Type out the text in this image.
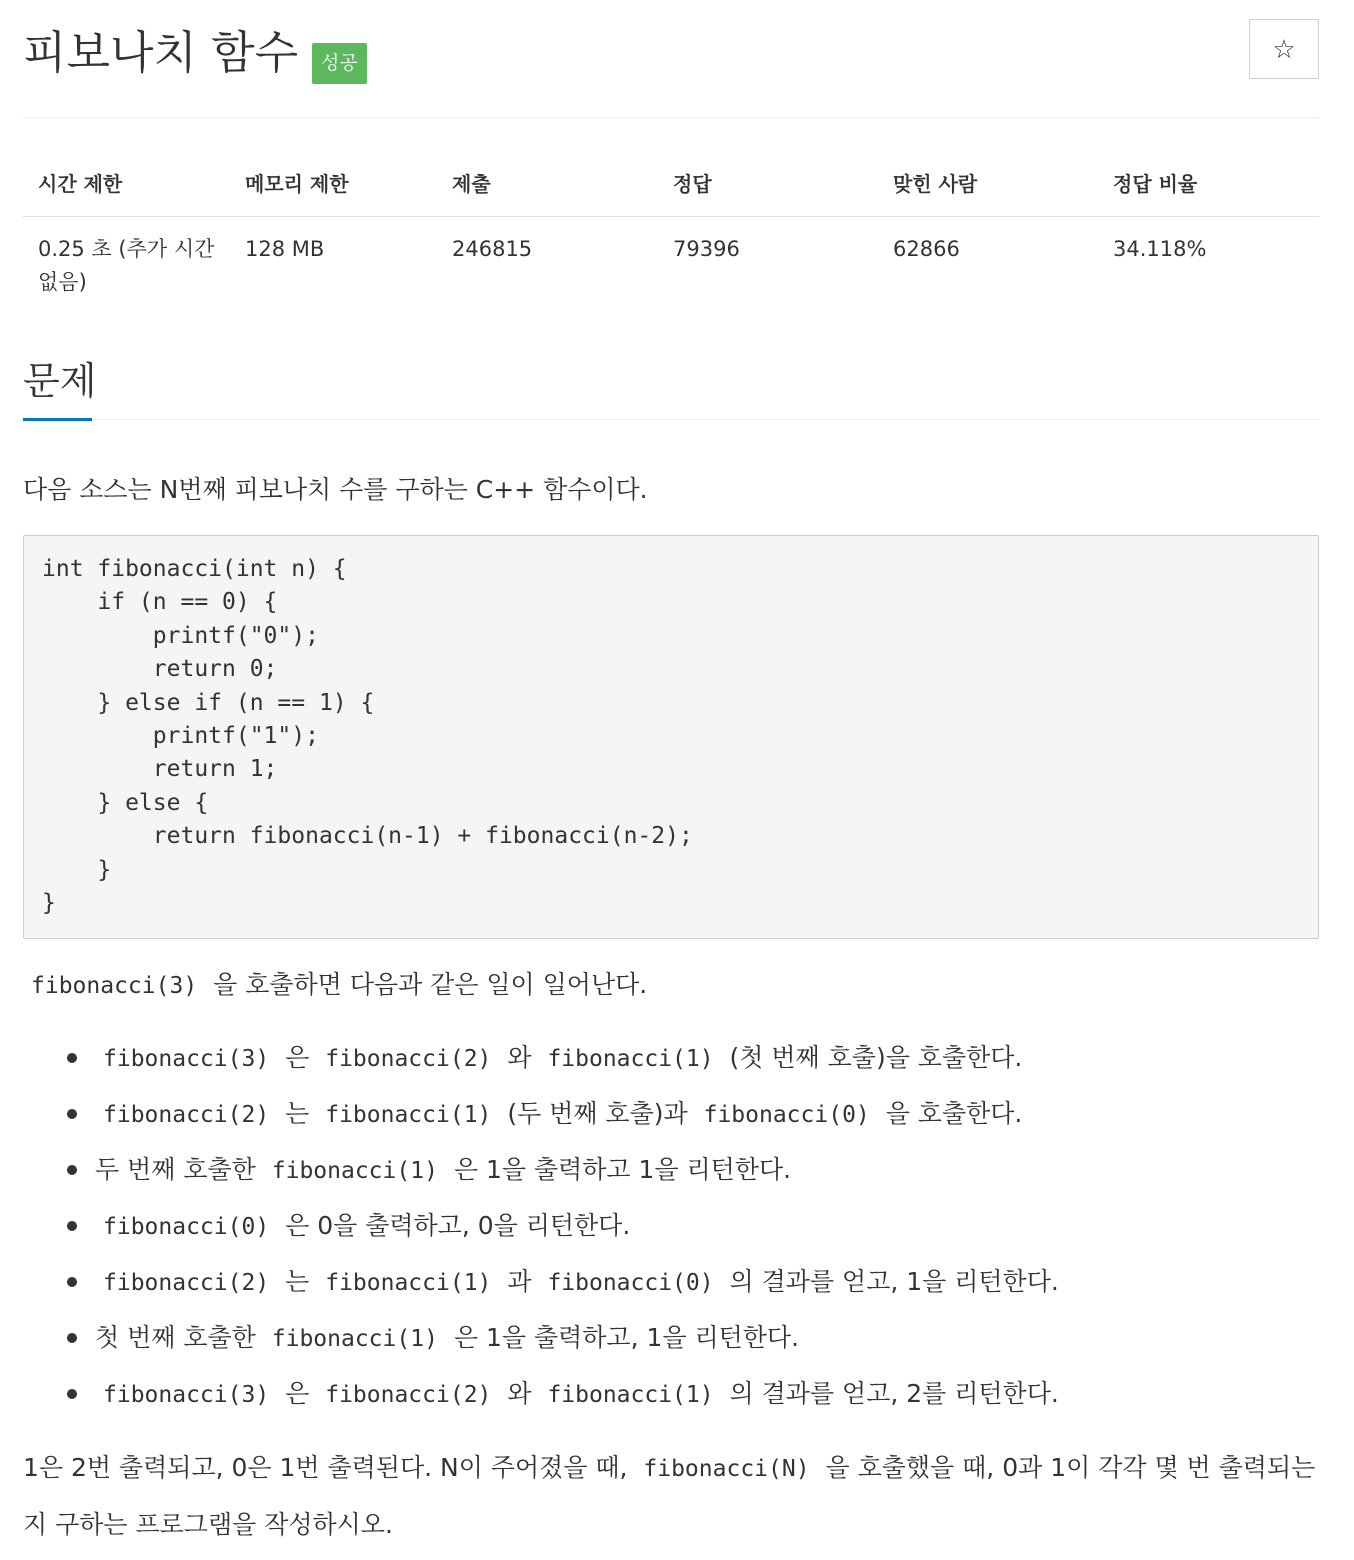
피보나치 함수	성공	☆
시간 제한	메모리 제한	제출	정답	맞힌 사람	정답 비율
0.25 초 (추가 시간 없음)	128 MB	246815	79396	62866	34.118%
문제

다음 소스는 N번째 피보나치 수를 구하는 C++ 함수이다.

int fibonacci(int n) {
if (n == 0) {
printf("0");
return 0;
} else if (n == 1) {
printf("1");
return 1;
} else {
return fibonacci(n-1) + fibonacci(n-2);
}
}

fibonacci(3) 을 호출하면 다음과 같은 일이 일어난다.

fibonacci(3) 은 fibonacci(2) 와 fibonacci(1) (첫 번째 호출)을 호출한다.
fibonacci(2) 는 fibonacci(1) (두 번째 호출)과 fibonacci(0) 을 호출한다.
두 번째 호출한 fibonacci(1) 은 1을 출력하고 1을 리턴한다.
fibonacci(0) 은 0을 출력하고, 0을 리턴한다.
fibonacci(2) 는 fibonacci(1) 과 fibonacci(0) 의 결과를 얻고, 1을 리턴한다.
첫 번째 호출한 fibonacci(1) 은 1을 출력하고, 1을 리턴한다.
fibonacci(3) 은 fibonacci(2) 와 fibonacci(1) 의 결과를 얻고, 2를 리턴한다.

1은 2번 출력되고, 0은 1번 출력된다. N이 주어졌을 때, fibonacci(N) 을 호출했을 때, 0과 1이 각각 몇 번 출력되는지 구하는 프로그램을 작성하시오.
